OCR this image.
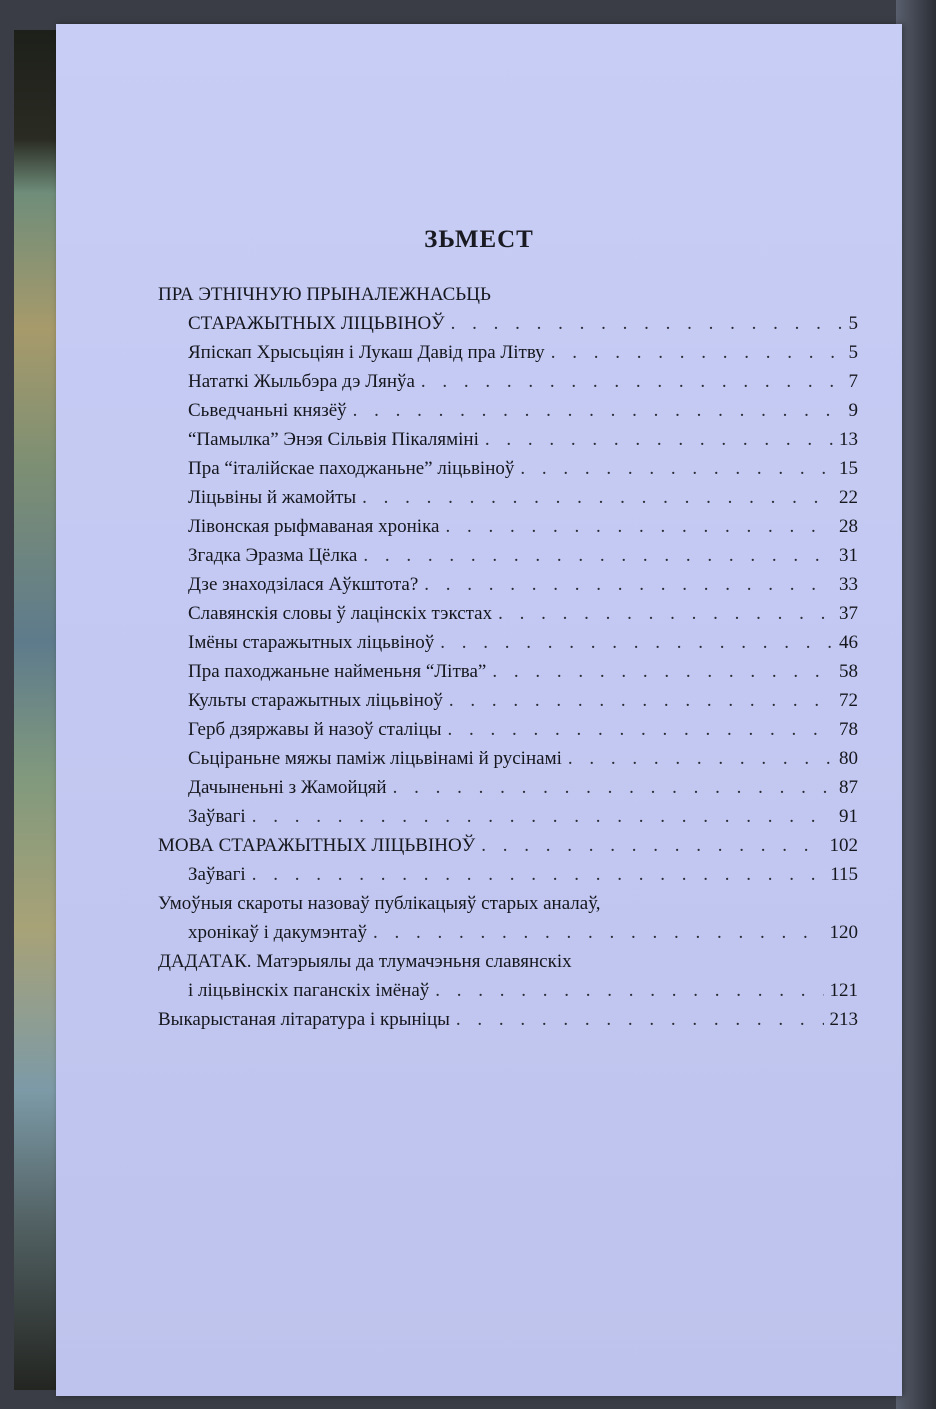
ЗЬМЕСТ
ПРА ЭТНІЧНУЮ ПРЫНАЛЕЖНАСЬЦЬ
СТАРАЖЫТНЫХ ЛІЦЬВІНОЎ . . .	5
Япіскап Хрысьціян і Лукаш Давід пра Літву . . .	5
Нататкі Жыльбэра дэ Лянўа . . .	7
Сьведчаньні князёў . . .	9
“Памылка” Энэя Сільвія Пікаляміні . . .	13
Пра “італійскае паходжаньне” ліцьвіноў . . .	15
Ліцьвіны й жамойты . . .	22
Лівонская рыфмаваная хроніка . . .	28
Згадка Эразма Цёлка . . .	31
Дзе знаходзілася Аўкштота? . . .	33
Славянскія словы ў лацінскіх тэкстах . . .	37
Імёны старажытных ліцьвіноў . . .	46
Пра паходжаньне найменьня “Літва” . . .	58
Культы старажытных ліцьвіноў . . .	72
Герб дзяржавы й назоў сталіцы . . .	78
Сьціраньне мяжы паміж ліцьвінамі й русінамі . . .	80
Дачыненьні з Жамойцяй . . .	87
Заўвагі . . .	91
МОВА СТАРАЖЫТНЫХ ЛІЦЬВІНОЎ . . .	102
Заўвагі . . .	115
Умоўныя скароты назоваў публікацыяў старых аналаў,
хронікаў і дакумэнтаў . . .	120
ДАДАТАК. Матэрыялы да тлумачэньня славянскіх
і ліцьвінскіх паганскіх імёнаў . . .	121
Выкарыстаная літаратура і крыніцы . . .	213
